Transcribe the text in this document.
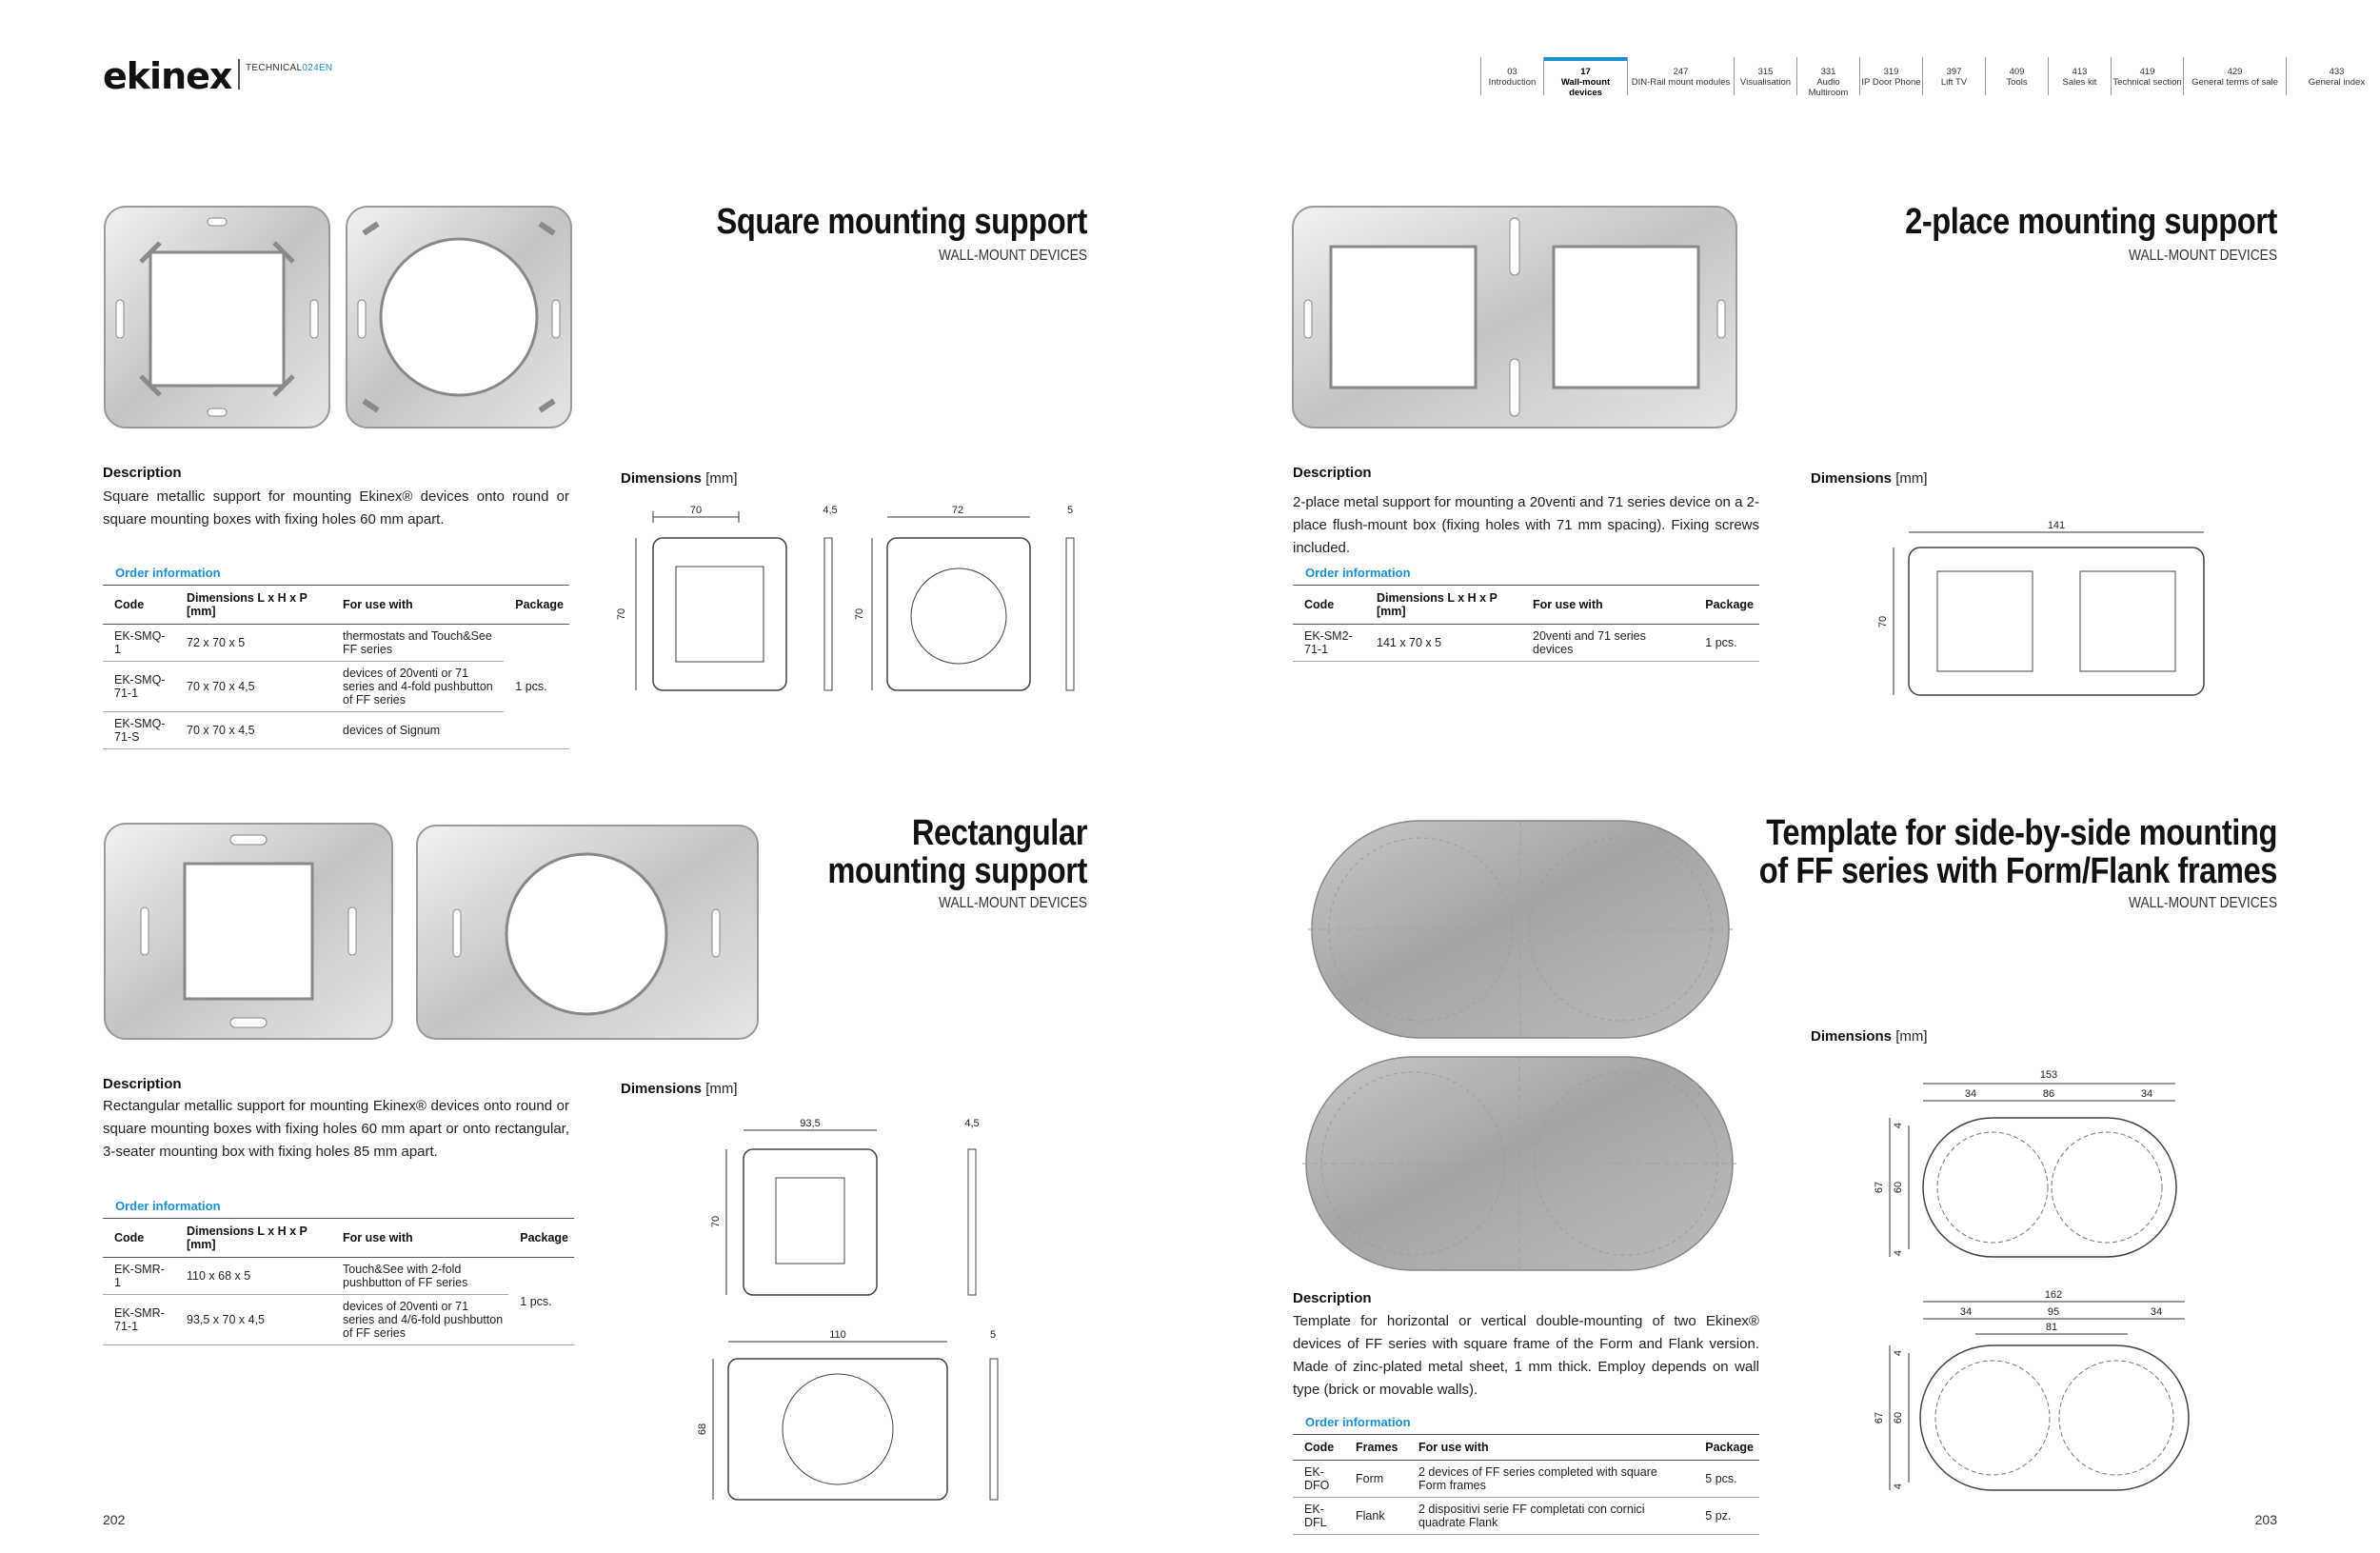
ekinex TECHNICAL024EN	03
Introduction
17
Wall-mount devices
247
DIN-Rail mount modules
315
Visualisation
331
Audio Multiroom
319
IP Door Phone
397
Lift TV
409
Tools
413
Sales kit
419
Technical section
429
General terms of sale
433
General index
Square mounting support
WALL-MOUNT DEVICES
Description
Square metallic support for mounting Ekinex® devices onto round or square mounting boxes with fixing holes 60 mm apart.
Order information
Code	Dimensions L x H x P [mm]	For use with	Package
EK-SMQ-1	72 x 70 x 5	thermostats and Touch&See FF series	1 pcs.
EK-SMQ-71-1	70 x 70 x 4,5	devices of 20venti or 71 series and 4-fold pushbutton of FF series	
EK-SMQ-71-S	70 x 70 x 4,5	devices of Signum	
Dimensions [mm]
70
70
4,5	72
70
5
2-place mounting support
WALL-MOUNT DEVICES
Description
2-place metal support for mounting a 20venti and 71 series device on a 2-place flush-mount box (fixing holes with 71 mm spacing). Fixing screws included.
Order information
Code	Dimensions L x H x P [mm]	For use with	Package
EK-SM2-71-1	141 x 70 x 5	20venti and 71 series devices	1 pcs.
Dimensions [mm]
141
70
Rectangular
mounting support
WALL-MOUNT DEVICES
Description
Rectangular metallic support for mounting Ekinex® devices onto round or square mounting boxes with fixing holes 60 mm apart or onto rectangular, 3-seater mounting box with fixing holes 85 mm apart.
Order information
Code	Dimensions L x H x P [mm]	For use with	Package
EK-SMR-1	110 x 68 x 5	Touch&See with 2-fold pushbutton of FF series	1 pcs.
EK-SMR-71-1	93,5 x 70 x 4,5	devices of 20venti or 71 series and 4/6-fold pushbutton of FF series	
Dimensions [mm]
93,5	4,5
70
110	5
68
Template for side-by-side mounting
of FF series with Form/Flank frames
WALL-MOUNT DEVICES
Dimensions [mm]
153
34	86	34
67 60
4
4
162
34	95	34
81
67 60
4
4
Description
Template for horizontal or vertical double-mounting of two Ekinex® devices of FF series with square frame of the Form and Flank version. Made of zinc-plated metal sheet, 1 mm thick. Employ depends on wall type (brick or movable walls).
Order information
Code	Frames	For use with	Package
EK-DFO	Form	2 devices of FF series completed with square Form frames	5 pcs.
EK-DFL	Flank	2 dispositivi serie FF completati con cornici quadrate Flank	5 pz.
202	203
